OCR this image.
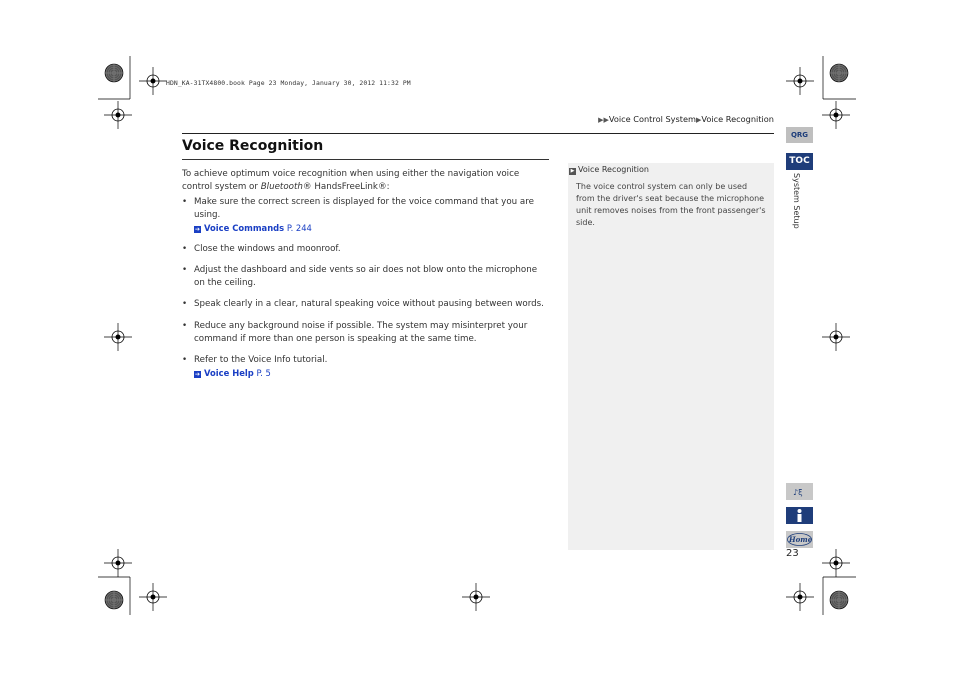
HDN_KA-31TX4800.book Page 23 Monday, January 30, 2012 11:32 PM
▶▶Voice Control System▶Voice Recognition
Voice Recognition
To achieve optimum voice recognition when using either the navigation voice control system or Bluetooth® HandsFreeLink®:
• Make sure the correct screen is displayed for the voice command that you are using.
➔ Voice Commands P. 244
• Close the windows and moonroof.
• Adjust the dashboard and side vents so air does not blow onto the microphone on the ceiling.
• Speak clearly in a clear, natural speaking voice without pausing between words.
• Reduce any background noise if possible. The system may misinterpret your command if more than one person is speaking at the same time.
• Refer to the Voice Info tutorial.
➔ Voice Help P. 5
▶ Voice Recognition
The voice control system can only be used from the driver's seat because the microphone unit removes noises from the front passenger's side.
QRG
TOC
System Setup
♪ξ
Home
23
